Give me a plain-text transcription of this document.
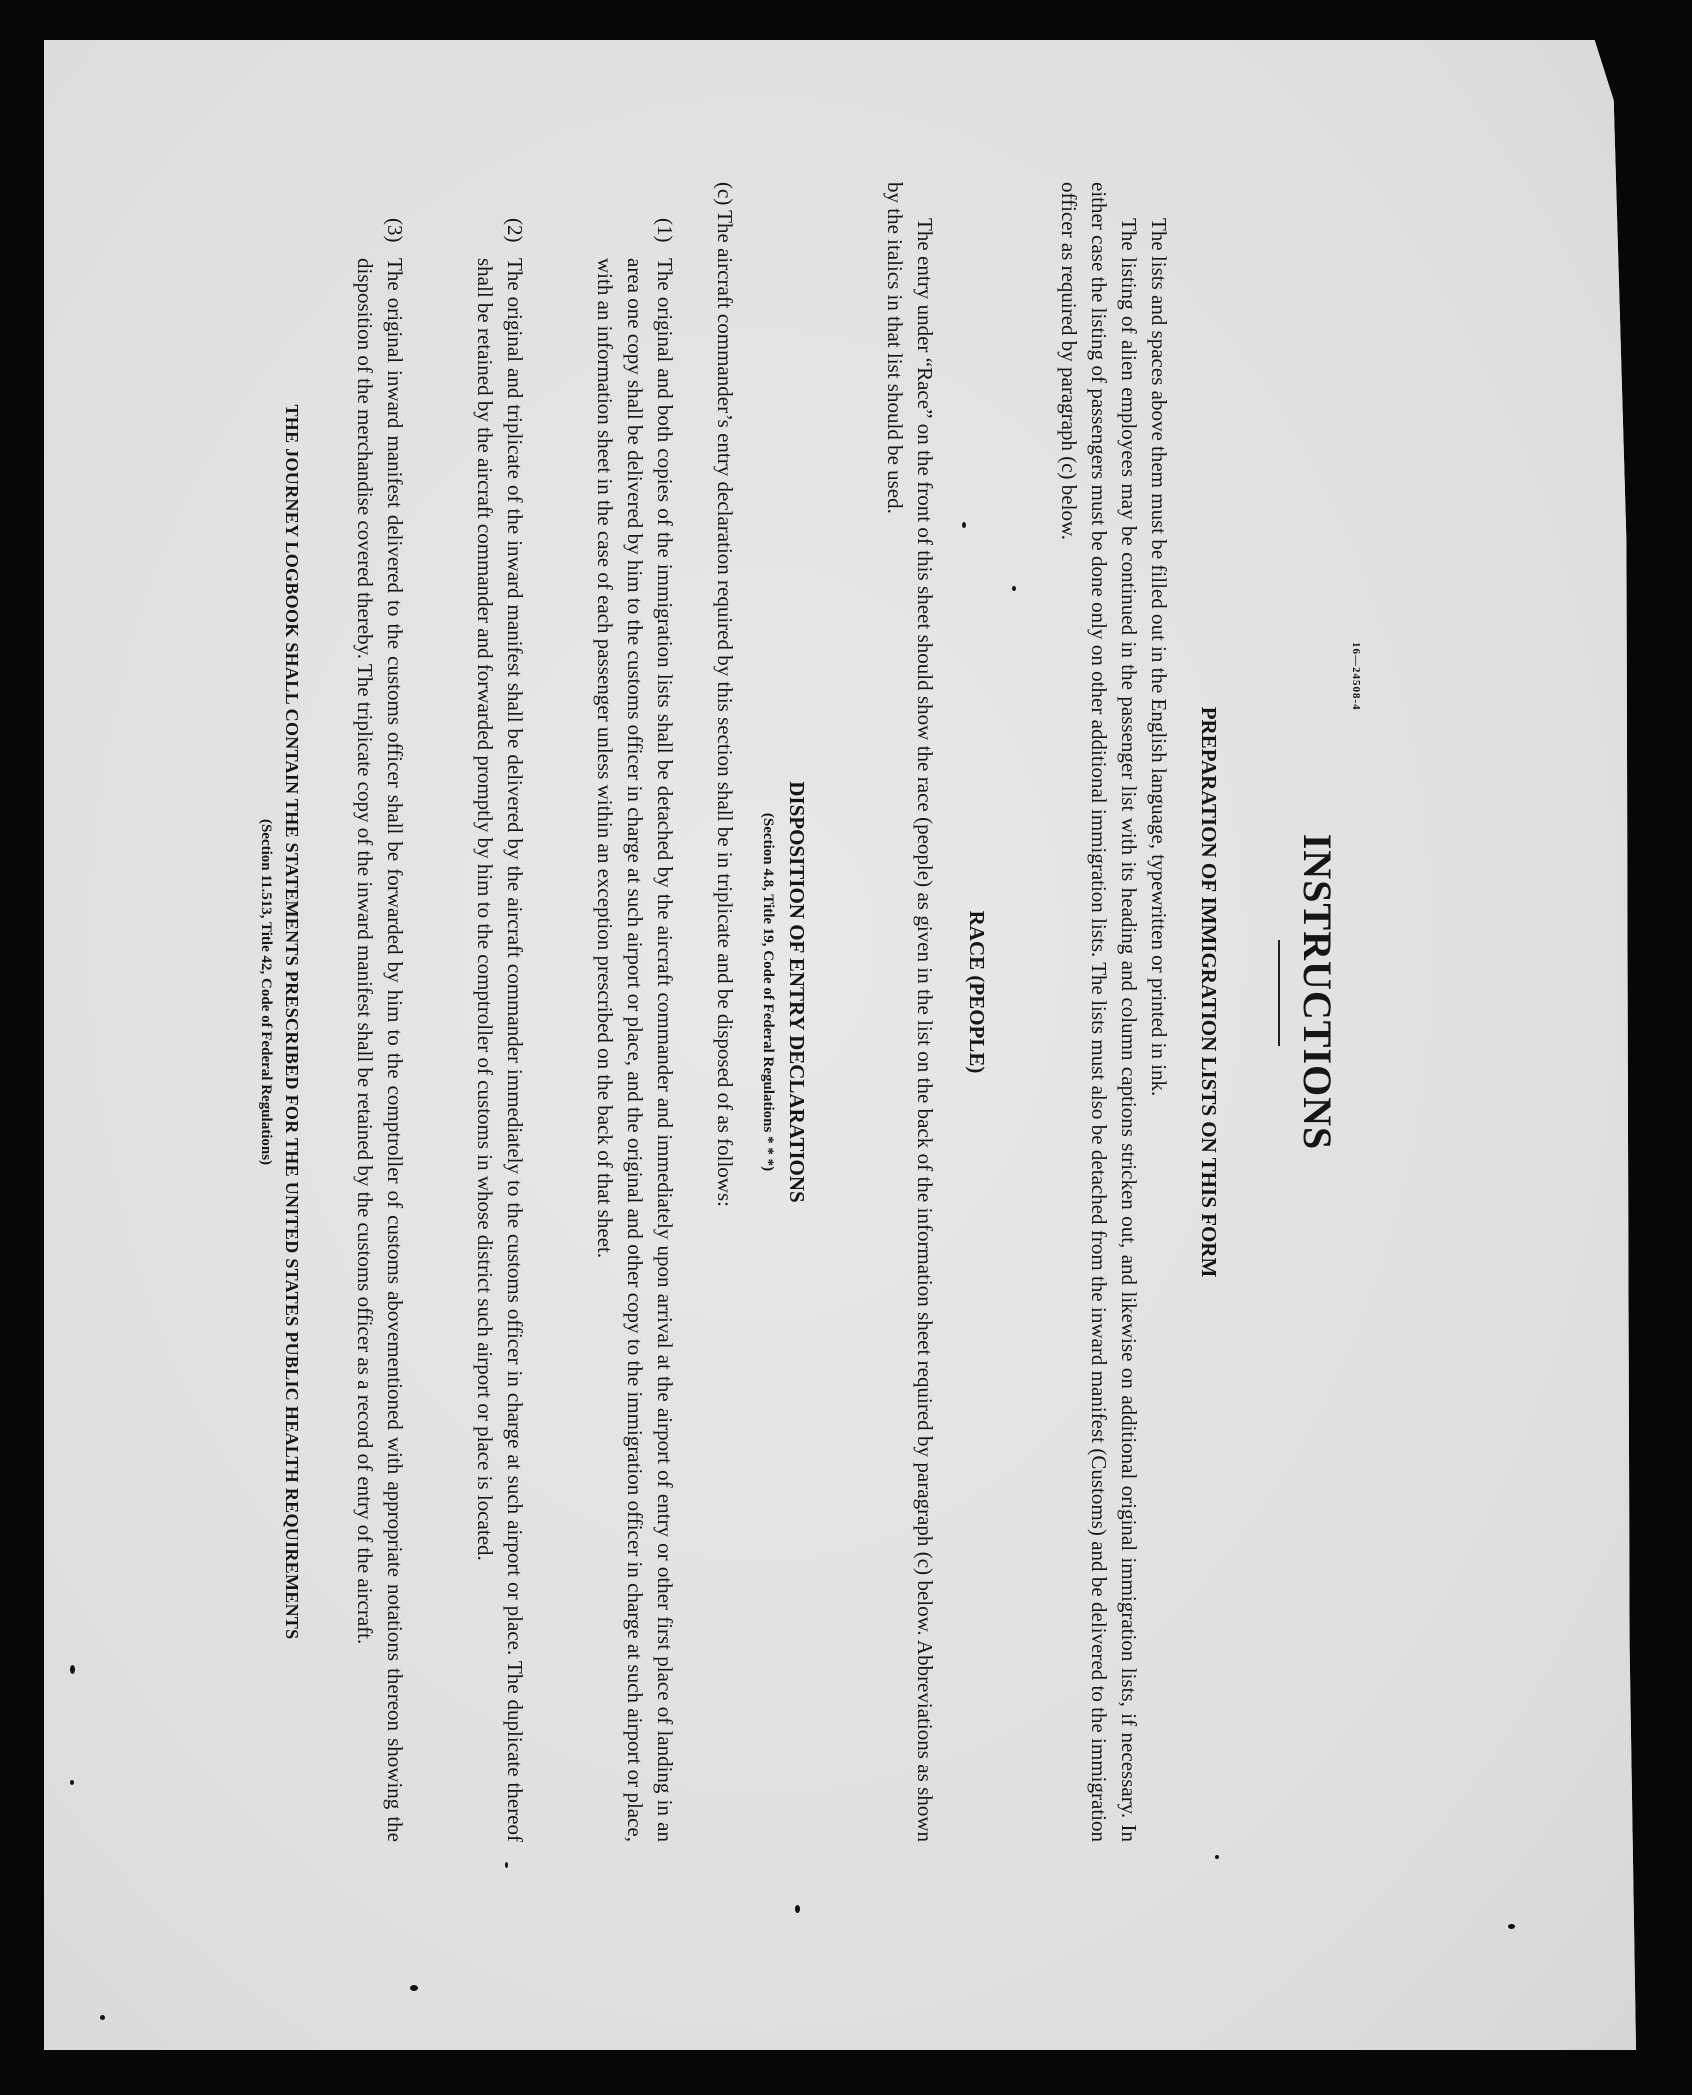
INSTRUCTIONS
PREPARATION OF IMMIGRATION LISTS ON THIS FORM
The lists and spaces above them must be filled out in the English language, typewritten or printed in ink.
The listing of alien employees may be continued in the passenger list with its heading and column captions stricken out, and likewise on additional original immigration lists, if necessary. In either case the listing of passengers must be done only on other additional immigration lists. The lists must also be detached from the inward manifest (Customs) and be delivered to the immigration officer as required by paragraph (c) below.
RACE (PEOPLE)
The entry under “Race” on the front of this sheet should show the race (people) as given in the list on the back of the information sheet required by paragraph (c) below. Abbreviations as shown by the italics in that list should be used.
DISPOSITION OF ENTRY DECLARATIONS
(Section 4.8, Title 19, Code of Federal Regulations * * *)
(c) The aircraft commander’s entry declaration required by this section shall be in triplicate and be disposed of as follows:
(1)
The original and both copies of the immigration lists shall be detached by the aircraft commander and immediately upon arrival at the airport of entry or other first place of landing in an area one copy shall be delivered by him to the customs officer in charge at such airport or place, and the original and other copy to the immigration officer in charge at such airport or place, with an information sheet in the case of each passenger unless within an exception prescribed on the back of that sheet.
(2)
The original and triplicate of the inward manifest shall be delivered by the aircraft commander immediately to the customs officer in charge at such airport or place. The duplicate thereof shall be retained by the aircraft commander and forwarded promptly by him to the comptroller of customs in whose district such airport or place is located.
(3)
The original inward manifest delivered to the customs officer shall be forwarded by him to the comptroller of customs abovementioned with appropriate notations thereon showing the disposition of the merchandise covered thereby. The triplicate copy of the inward manifest shall be retained by the customs officer as a record of entry of the aircraft.
THE JOURNEY LOGBOOK SHALL CONTAIN THE STATEMENTS PRESCRIBED FOR THE UNITED STATES PUBLIC HEALTH REQUIREMENTS
(Section 11.513, Title 42, Code of Federal Regulations)
16—24508-4
